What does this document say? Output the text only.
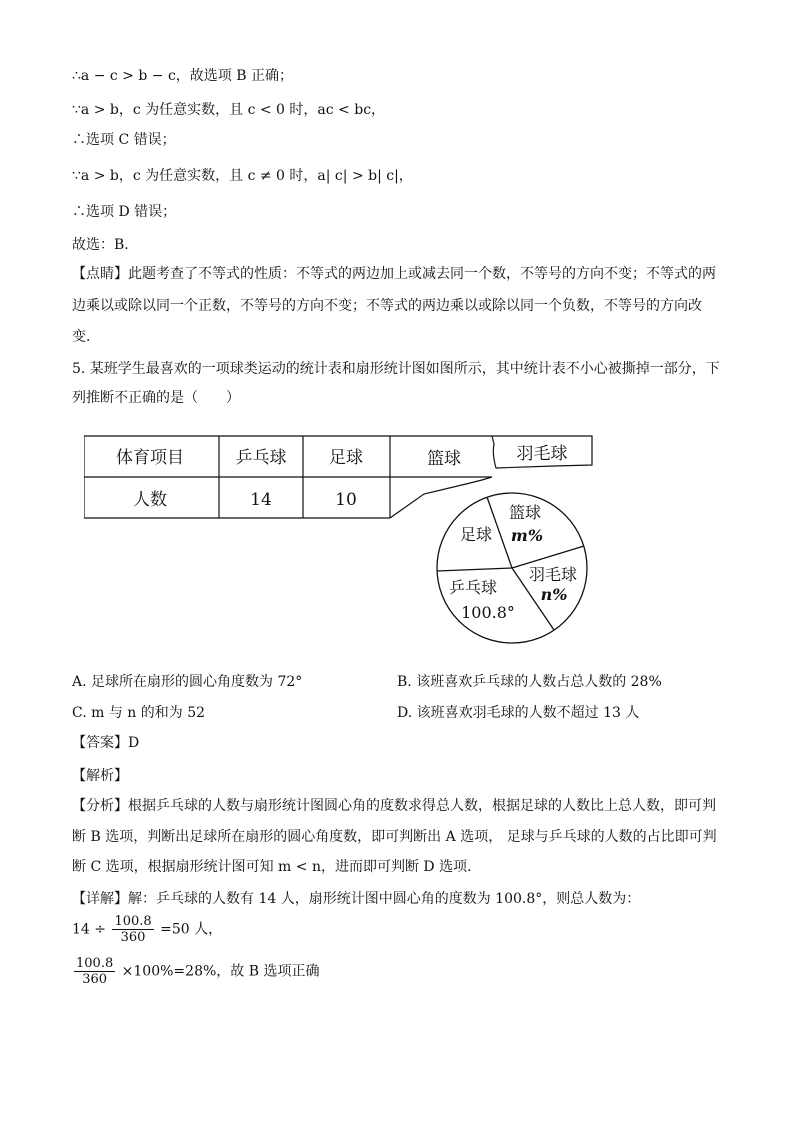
∴a − c > b − c，故选项 B 正确；
∵a > b，c 为任意实数，且 c < 0 时，ac < bc，
∴选项 C 错误；
∵a > b，c 为任意实数，且 c ≠ 0 时，a| c| > b| c|，
∴选项 D 错误；
故选：B．
【点睛】此题考查了不等式的性质：不等式的两边加上或减去同一个数，不等号的方向不变；不等式的两
边乘以或除以同一个正数，不等号的方向不变；不等式的两边乘以或除以同一个负数，不等号的方向改
变．
5. 某班学生最喜欢的一项球类运动的统计表和扇形统计图如图所示，其中统计表不小心被撕掉一部分，下
列推断不正确的是（　　）
体育项目	乒乓球	足球	篮球	羽毛球
人数	14	10
足球
篮球
m%
羽毛球
n%
乒乓球
100.8°
A. 足球所在扇形的圆心角度数为 72°	B. 该班喜欢乒乓球的人数占总人数的 28%
C. m 与 n 的和为 52	D. 该班喜欢羽毛球的人数不超过 13 人
【答案】D
【解析】
【分析】根据乒乓球的人数与扇形统计图圆心角的度数求得总人数，根据足球的人数比上总人数，即可判
断 B 选项，判断出足球所在扇形的圆心角度数，即可判断出 A 选项， 足球与乒乓球的人数的占比即可判
断 C 选项，根据扇形统计图可知 m < n，进而即可判断 D 选项．
【详解】解：乒乓球的人数有 14 人，扇形统计图中圆心角的度数为 100.8°，则总人数为：
$14 \div \frac{100.8}{360} =50$ 人，
$\frac{100.8}{360} \times 100\%=28\%$，故 B 选项正确
